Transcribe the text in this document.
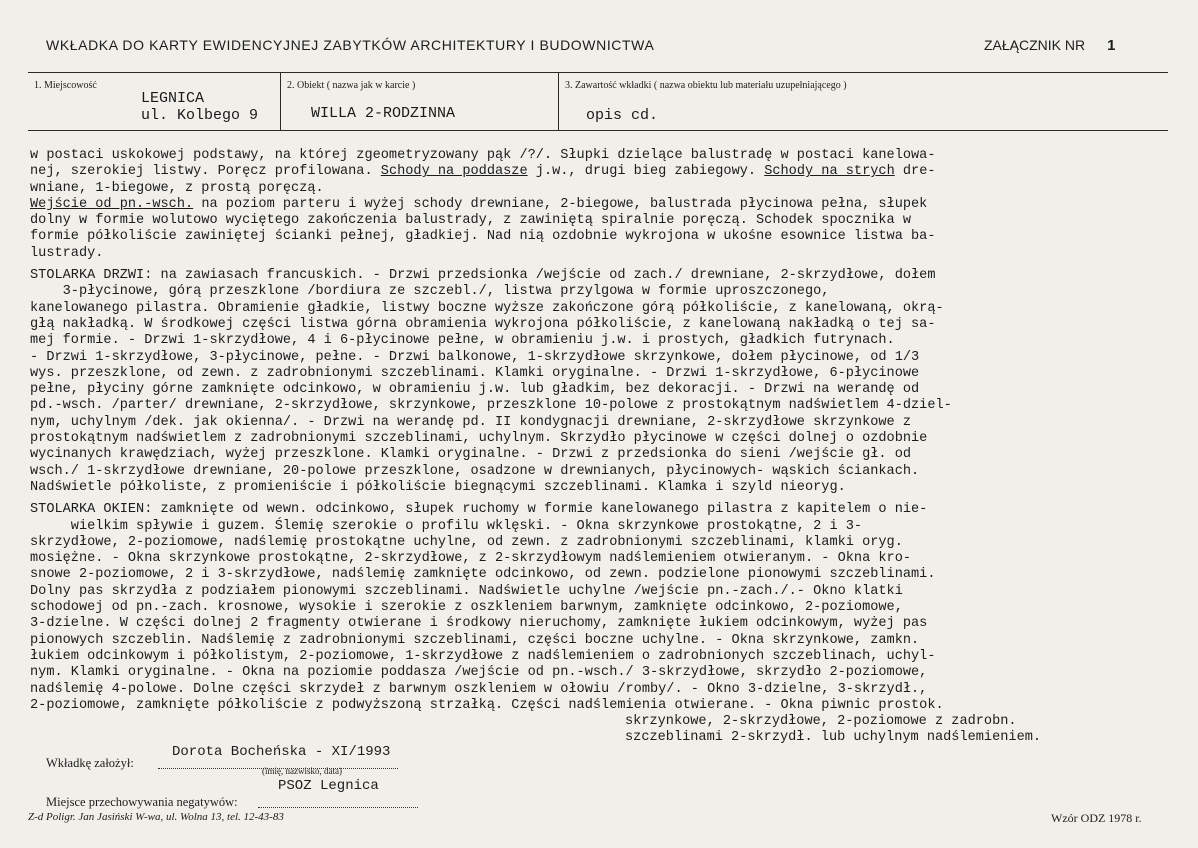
WKŁADKA DO KARTY EWIDENCYJNEJ ZABYTKÓW ARCHITEKTURY I BUDOWNICTWA	ZAŁĄCZNIK NR 1
1. Miejscowość
LEGNICA
ul. Kolbego 9
2. Obiekt ( nazwa jak w karcie )
WILLA 2-RODZINNA
3. Zawartość wkładki ( nazwa obiektu lub materiału uzupełniającego )
opis cd.

w postaci uskokowej podstawy, na której zgeometryzowany pąk /?/. Słupki dzielące balustradę w postaci kanelowa-

nej, szerokiej listwy. Poręcz profilowana. Schody na poddasze j.w., drugi bieg zabiegowy. Schody na strych dre-

wniane, 1-biegowe, z prostą poręczą.

Wejście od pn.-wsch. na poziom parteru i wyżej schody drewniane, 2-biegowe, balustrada płycinowa pełna, słupek

dolny w formie wolutowo wyciętego zakończenia balustrady, z zawiniętą spiralnie poręczą. Schodek spocznika w

formie półkoliście zawiniętej ścianki pełnej, gładkiej. Nad nią ozdobnie wykrojona w ukośne esownice listwa ba-

lustrady.

STOLARKA DRZWI: na zawiasach francuskich. - Drzwi przedsionka /wejście od zach./ drewniane, 2-skrzydłowe, dołem

3-płycinowe, górą przeszklone /bordiura ze szczebl./, listwa przylgowa w formie uproszczonego,

kanelowanego pilastra. Obramienie gładkie, listwy boczne wyższe zakończone górą półkoliście, z kanelowaną, okrą-

głą nakładką. W środkowej części listwa górna obramienia wykrojona półkoliście, z kanelowaną nakładką o tej sa-

mej formie. - Drzwi 1-skrzydłowe, 4 i 6-płycinowe pełne, w obramieniu j.w. i prostych, gładkich futrynach.

- Drzwi 1-skrzydłowe, 3-płycinowe, pełne. - Drzwi balkonowe, 1-skrzydłowe skrzynkowe, dołem płycinowe, od 1/3

wys. przeszklone, od zewn. z zadrobnionymi szczeblinami. Klamki oryginalne. - Drzwi 1-skrzydłowe, 6-płycinowe

pełne, płyciny górne zamknięte odcinkowo, w obramieniu j.w. lub gładkim, bez dekoracji. - Drzwi na werandę od

pd.-wsch. /parter/ drewniane, 2-skrzydłowe, skrzynkowe, przeszklone 10-polowe z prostokątnym nadświetlem 4-dziel-

nym, uchylnym /dek. jak okienna/. - Drzwi na werandę pd. II kondygnacji drewniane, 2-skrzydłowe skrzynkowe z

prostokątnym nadświetlem z zadrobnionymi szczeblinami, uchylnym. Skrzydło płycinowe w części dolnej o ozdobnie

wycinanych krawędziach, wyżej przeszklone. Klamki oryginalne. - Drzwi z przedsionka do sieni /wejście gł. od

wsch./ 1-skrzydłowe drewniane, 20-polowe przeszklone, osadzone w drewnianych, płycinowych- wąskich ściankach.

Nadświetle półkoliste, z promieniście i półkoliście biegnącymi szczeblinami. Klamka i szyld nieoryg.

STOLARKA OKIEN: zamknięte od wewn. odcinkowo, słupek ruchomy w formie kanelowanego pilastra z kapitelem o nie-

wielkim spływie i guzem. Ślemię szerokie o profilu wklęski. - Okna skrzynkowe prostokątne, 2 i 3-

skrzydłowe, 2-poziomowe, nadślemię prostokątne uchylne, od zewn. z zadrobnionymi szczeblinami, klamki oryg.

mosiężne. - Okna skrzynkowe prostokątne, 2-skrzydłowe, z 2-skrzydłowym nadślemieniem otwieranym. - Okna kro-

snowe 2-poziomowe, 2 i 3-skrzydłowe, nadślemię zamknięte odcinkowo, od zewn. podzielone pionowymi szczeblinami.

Dolny pas skrzydła z podziałem pionowymi szczeblinami. Nadświetle uchylne /wejście pn.-zach./.- Okno klatki

schodowej od pn.-zach. krosnowe, wysokie i szerokie z oszkleniem barwnym, zamknięte odcinkowo, 2-poziomowe,

3-dzielne. W części dolnej 2 fragmenty otwierane i środkowy nieruchomy, zamknięte łukiem odcinkowym, wyżej pas

pionowych szczeblin. Nadślemię z zadrobnionymi szczeblinami, części boczne uchylne. - Okna skrzynkowe, zamkn.

łukiem odcinkowym i półkolistym, 2-poziomowe, 1-skrzydłowe z nadślemieniem o zadrobnionych szczeblinach, uchyl-

nym. Klamki oryginalne. - Okna na poziomie poddasza /wejście od pn.-wsch./ 3-skrzydłowe, skrzydło 2-poziomowe,

nadślemię 4-polowe. Dolne części skrzydeł z barwnym oszkleniem w ołowiu /romby/. - Okno 3-dzielne, 3-skrzydł.,

2-poziomowe, zamknięte półkoliście z podwyższoną strzałką. Części nadślemienia otwierane. - Okna piwnic prostok.

skrzynkowe, 2-skrzydłowe, 2-poziomowe z zadrobn.

szczeblinami 2-skrzydł. lub uchylnym nadślemieniem.

Wkładkę założył:
Dorota Bocheńska - XI/1993
(imię, nazwisko, data)
PSOZ Legnica
Miejsce przechowywania negatywów:
Z-d Poligr. Jan Jasiński W-wa, ul. Wolna 13, tel. 12-43-83	Wzór ODZ 1978 r.
